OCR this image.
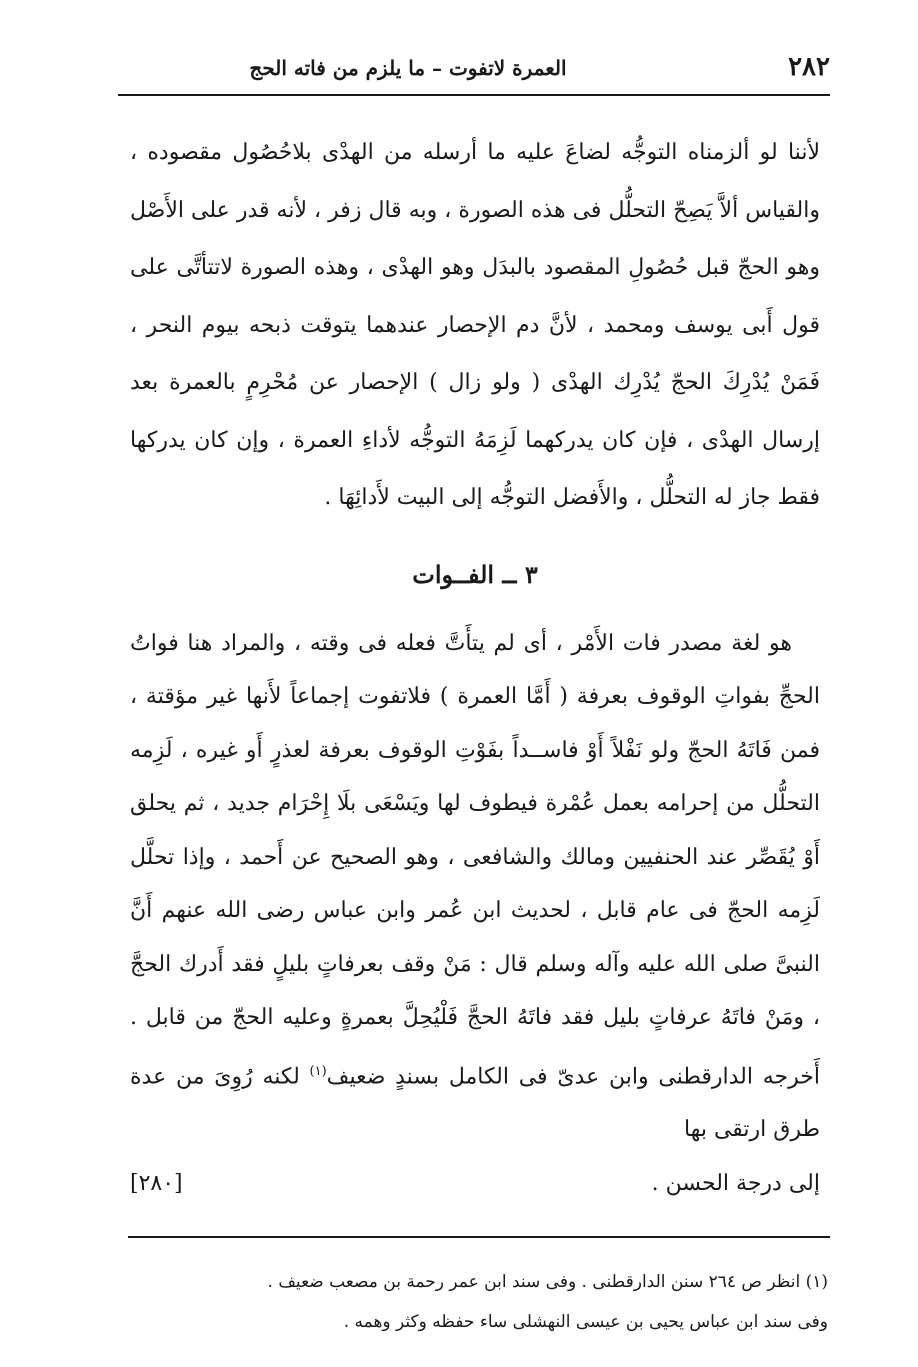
٢٨٢
العمرة لاتفوت – ما يلزم من فاته الحج

لأننا لو ألزمناه التوجُّه لضاعَ عليه ما أرسله من الهدْى بلاحُصُول مقصوده ، والقياس ألاَّ يَصِحّ التحلُّل فى هذه الصورة ، وبه قال زفر ، لأنه قدر على الأَصْل وهو الحجّ قبل حُصُولِ المقصود بالبدَل وهو الهدْى ، وهذه الصورة لاتتأتَّى على قول أَبى يوسف ومحمد ، لأنَّ دم الإحصار عندهما يتوقت ذبحه بيوم النحر ، فَمَنْ يُدْرِكَ الحجّ يُدْرِك الهدْى ( ولو زال ) الإحصار عن مُحْرِمٍ بالعمرة بعد إرسال الهدْى ، فإن كان يدركهما لَزِمَهُ التوجُّه لأداءِ العمرة ، وإن كان يدركها فقط جاز له التحلُّل ، والأَفضل التوجُّه إلى البيت لأَدائِهَا .

٣ ــ الفــوات

هو لغة مصدر فات الأَمْر ، أى لم يتأَتَّ فعله فى وقته ، والمراد هنا فواتُ الحجِّ بفواتِ الوقوف بعرفة ( أَمَّا العمرة ) فلاتفوت إجماعاً لأَنها غير مؤقتة ، فمن فَاتَهُ الحجّ ولو نَفْلاً أَوْ فاســداً بفَوْتِ الوقوف بعرفة لعذرٍ أَو غيره ، لَزِمه التحلُّل من إحرامه بعمل عُمْرة فيطوف لها ويَسْعَى بلَا إِحْرَام جديد ، ثم يحلق أَوْ يُقَصِّر عند الحنفيين ومالك والشافعى ، وهو الصحيح عن أَحمد ، وإذا تحلَّل لَزِمه الحجّ فى عام قابل ، لحديث ابن عُمر وابن عباس رضى الله عنهم أَنَّ النبىَّ صلى الله عليه وآله وسلم قال : مَنْ وقف بعرفاتٍ بليلٍ فقد أَدرك الحجَّ ، ومَنْ فاتَهُ عرفاتٍ بليل فقد فاتَهُ الحجَّ فَلْيُحِلَّ بعمرةٍ وعليه الحجّ من قابل . أَخرجه الدارقطنى وابن عدىّ فى الكامل بسندٍ ضعيف$^{(١)}$ لكنه رُوِىَ من عدة طرق ارتقى بها

إلى درجة الحسن .
[٢٨٠]

(١) انظر ص ٢٦٤ سنن الدارقطنى . وفى سند ابن عمر رحمة بن مصعب ضعيف .

وفى سند ابن عباس يحيى بن عيسى النهشلى ساء حفظه وكثر وهمه .
